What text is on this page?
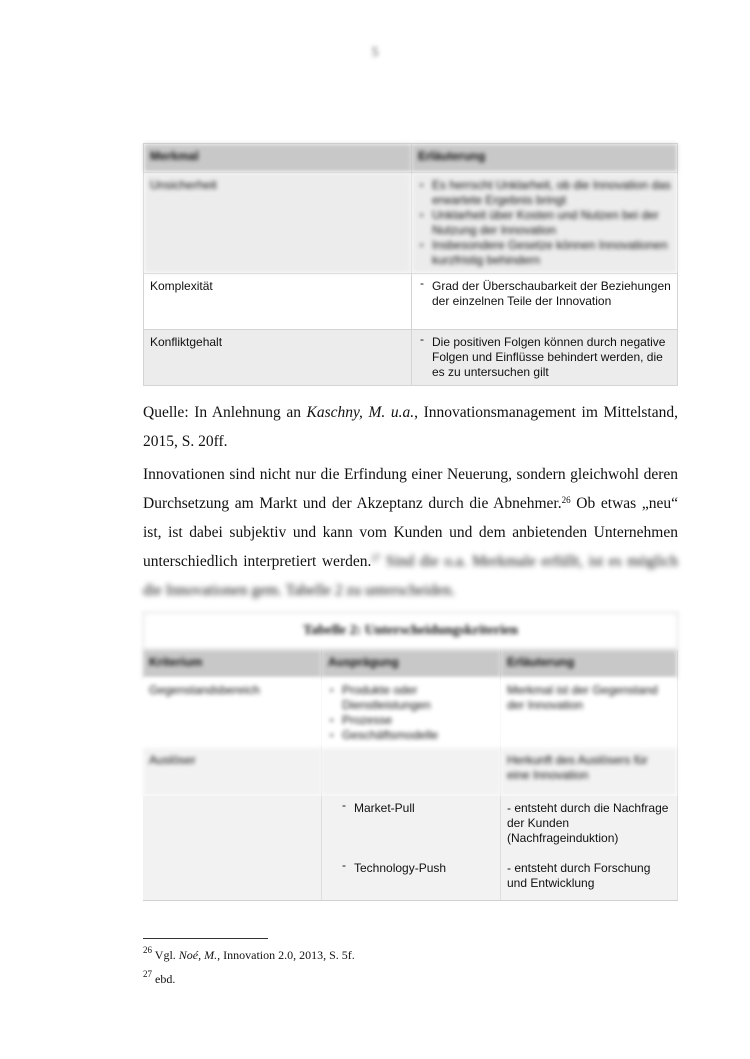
5
Merkmal	Erläuterung
Unsicherheit	▪ Es herrscht Unklarheit, ob die Innovation das erwartete Ergebnis bringt
▪ Unklarheit über Kosten und Nutzen bei der Nutzung der Innovation
▪ Insbesondere Gesetze können Innovationen kurzfristig behindern

Komplexität	- Grad der Überschaubarkeit der Beziehungen der einzelnen Teile der Innovation

Konfliktgehalt	- Die positiven Folgen können durch negative Folgen und Einflüsse behindert werden, die es zu untersuchen gilt

Quelle: In Anlehnung an Kaschny, M. u.a., Innovationsmanagement im Mittelstand, 2015, S. 20ff.

Innovationen sind nicht nur die Erfindung einer Neuerung, sondern gleichwohl deren Durchsetzung am Markt und der Akzeptanz durch die Abnehmer.$^{26}$ Ob etwas „neu“ ist, ist dabei subjektiv und kann vom Kunden und dem anbietenden Unternehmen unterschiedlich interpretiert werden.$^{27}$ Sind die o.a. Merkmale erfüllt, ist es möglich die Innovationen gem. Tabelle 2 zu unterscheiden.

Tabelle 2: Unterscheidungskriterien
Kriterium	Ausprägung	Erläuterung
Gegenstandsbereich	▪ Produkte oder Dienstleistungen
▪ Prozesse
▪ Geschäftsmodelle	Merkmal ist der Gegenstand der Innovation
Auslöser		Herkunft des Auslösers für eine Innovation

	- Market-Pull	- entsteht durch die Nachfrage der Kunden (Nachfrageinduktion)

	- Technology-Push	- entsteht durch Forschung und Entwicklung
$^{26}$ Vgl. Noé, M., Innovation 2.0, 2013, S. 5f.
$^{27}$ ebd.
